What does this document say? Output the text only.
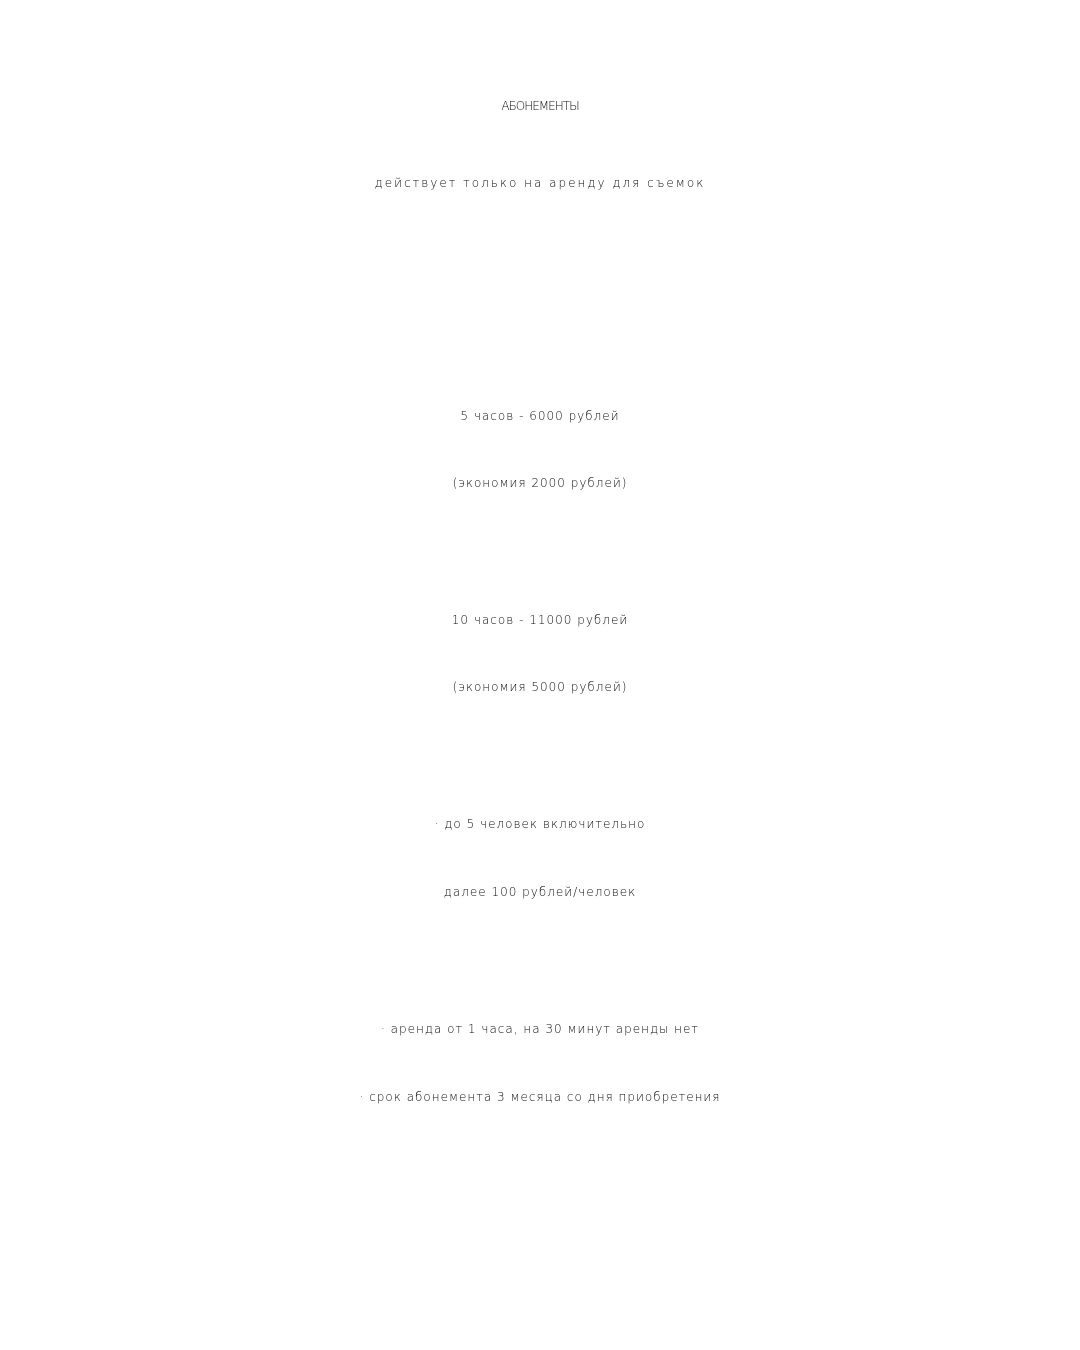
АБОНЕМЕНТЫ
действует только на аренду для съемок
5 часов - 6000 рублей
(экономия 2000 рублей)
10 часов - 11000 рублей
(экономия 5000 рублей)
· до 5 человек включительно
далее 100 рублей/человек
· аренда от 1 часа, на 30 минут аренды нет
· срок абонемента 3 месяца со дня приобретения
